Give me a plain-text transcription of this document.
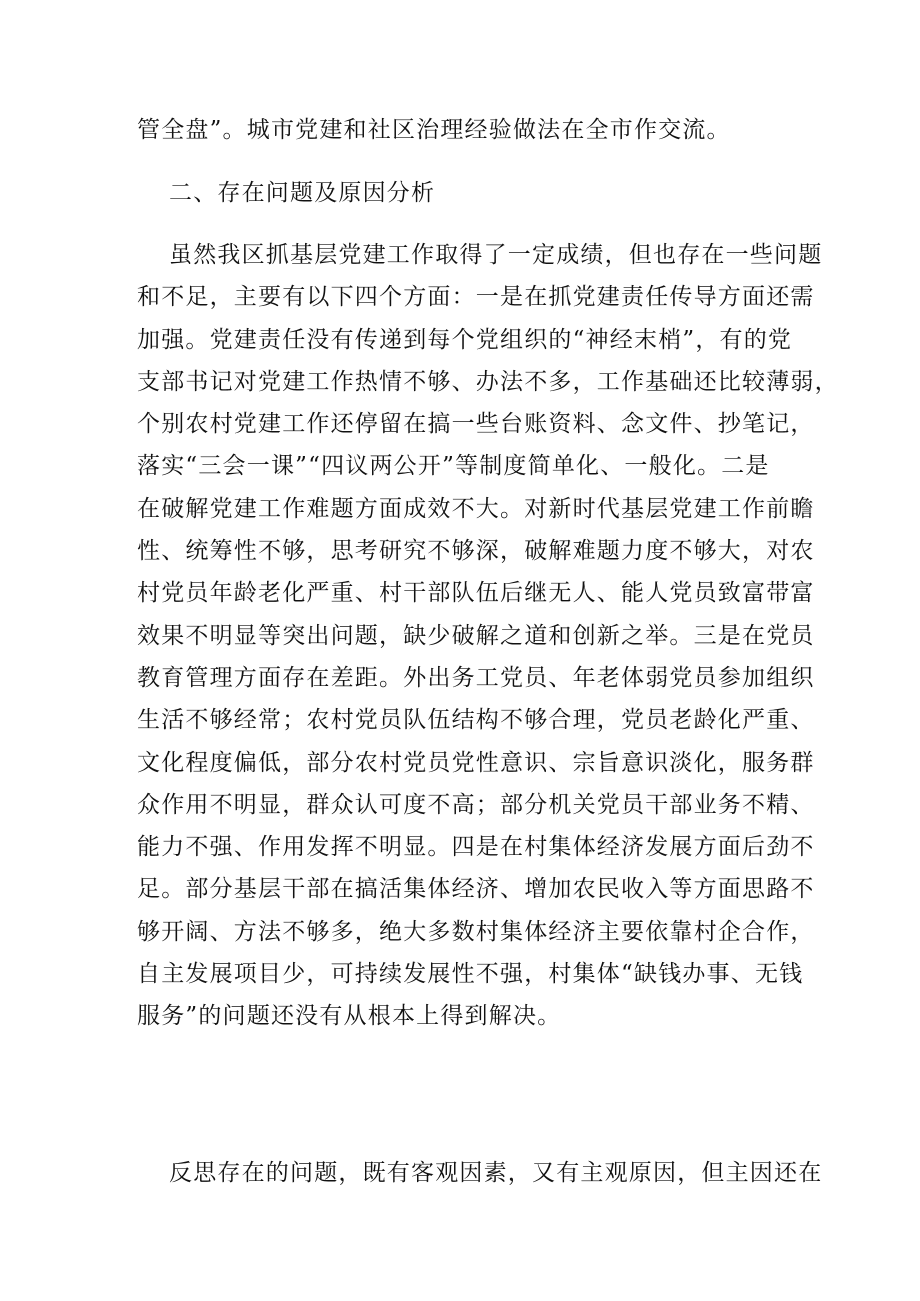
管全盘”。城市党建和社区治理经验做法在全市作交流。
二、存在问题及原因分析
虽然我区抓基层党建工作取得了一定成绩，但也存在一些问题
和不足，主要有以下四个方面：一是在抓党建责任传导方面还需
加强。党建责任没有传递到每个党组织的“神经末梢”，有的党
支部书记对党建工作热情不够、办法不多，工作基础还比较薄弱，
个别农村党建工作还停留在搞一些台账资料、念文件、抄笔记，
落实“三会一课”“四议两公开”等制度简单化、一般化。二是
在破解党建工作难题方面成效不大。对新时代基层党建工作前瞻
性、统筹性不够，思考研究不够深，破解难题力度不够大，对农
村党员年龄老化严重、村干部队伍后继无人、能人党员致富带富
效果不明显等突出问题，缺少破解之道和创新之举。三是在党员
教育管理方面存在差距。外出务工党员、年老体弱党员参加组织
生活不够经常；农村党员队伍结构不够合理，党员老龄化严重、
文化程度偏低，部分农村党员党性意识、宗旨意识淡化，服务群
众作用不明显，群众认可度不高；部分机关党员干部业务不精、
能力不强、作用发挥不明显。四是在村集体经济发展方面后劲不
足。部分基层干部在搞活集体经济、增加农民收入等方面思路不
够开阔、方法不够多，绝大多数村集体经济主要依靠村企合作，
自主发展项目少，可持续发展性不强，村集体“缺钱办事、无钱
服务”的问题还没有从根本上得到解决。
反思存在的问题，既有客观因素，又有主观原因，但主因还在
